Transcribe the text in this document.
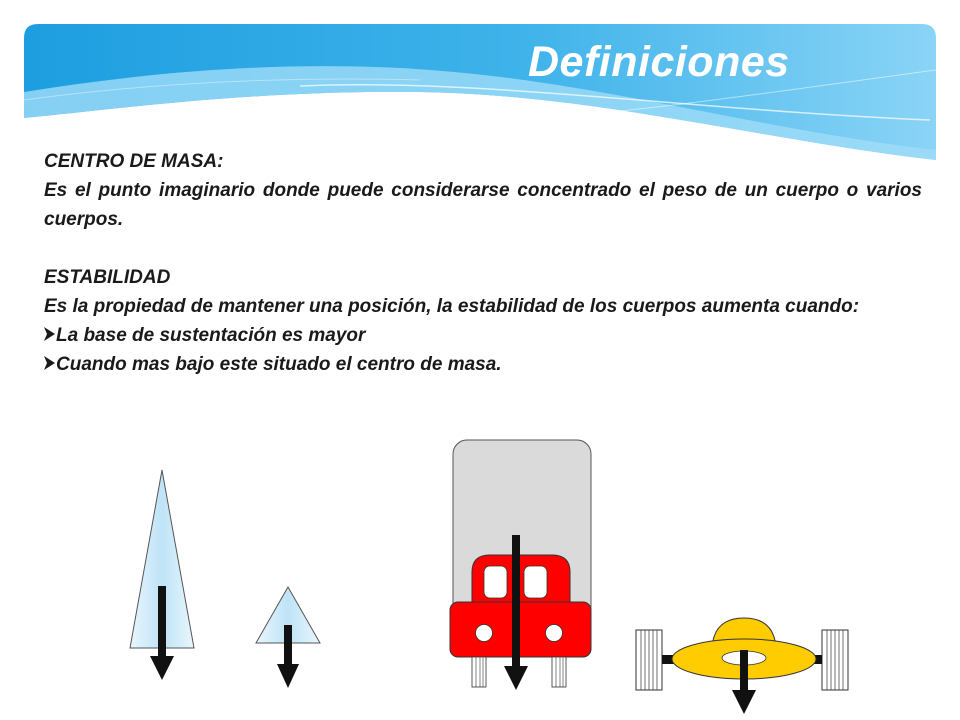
Definiciones

CENTRO DE MASA:

Es el punto imaginario donde puede considerarse concentrado el peso de un cuerpo o varios cuerpos.

ESTABILIDAD

Es la propiedad de mantener una posición, la estabilidad de los cuerpos aumenta cuando:

La base de sustentación es mayor

Cuando mas bajo este situado el centro de masa.
